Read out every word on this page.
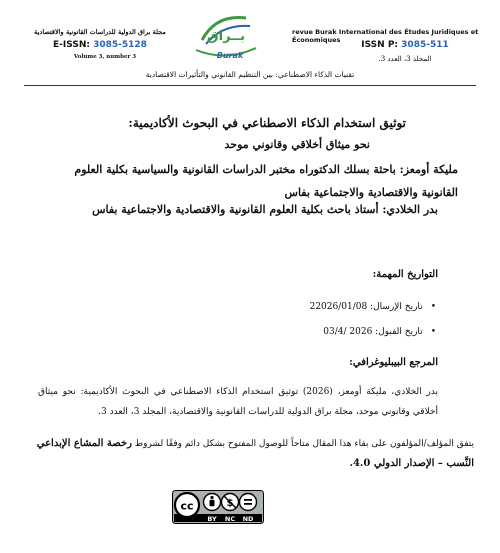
مجلة براق الدولية للدراسات القانونية والاقتصادية
E-ISSN: 3085-5128
Volume 3, number 3
بــراق
Burak
revue Burak International des Études Juridiques et Économiques	ISSN P: 3085-511
المجلد 3، العدد 3.
تقنيات الذكاء الاصطناعي: بين التنظيم القانوني والتأثيرات الاقتصادية
توثيق استخدام الذكاء الاصطناعي في البحوث الأكاديمية:
نحو ميثاق أخلاقي وقانوني موحد
مليكة أومعز: باحثة بسلك الدكتوراه مختبر الدراسات القانونية والسياسية بكلية العلوم القانونية والاقتصادية والاجتماعية بفاس
بدر الخلادي: أستاذ باحث بكلية العلوم القانونية والاقتصادية والاجتماعية بفاس
التواريخ المهمة:
•تاريخ الإرسال: 22026/01/08
•تاريخ القبول: 2026 /03/4
المرجع البيبليوغرافي:
بدر الخلادي، مليكة أومعز، (2026) توثيق استخدام الذكاء الاصطناعي في البحوث الأكاديمية: نحو ميثاق أخلاقي وقانوني موحد، مجلة براق الدولية للدراسات القانونية والاقتصادية، المجلد 3، العدد 3.
يتفق المؤلف/المؤلفون على بقاء هذا المقال متاحاً للوصول المفتوح بشكل دائم وفقًا لشروط رخصة المشاع الإبداعي النَّسب – الإصدار الدولي 4.0.
cc	$
BY NC ND
